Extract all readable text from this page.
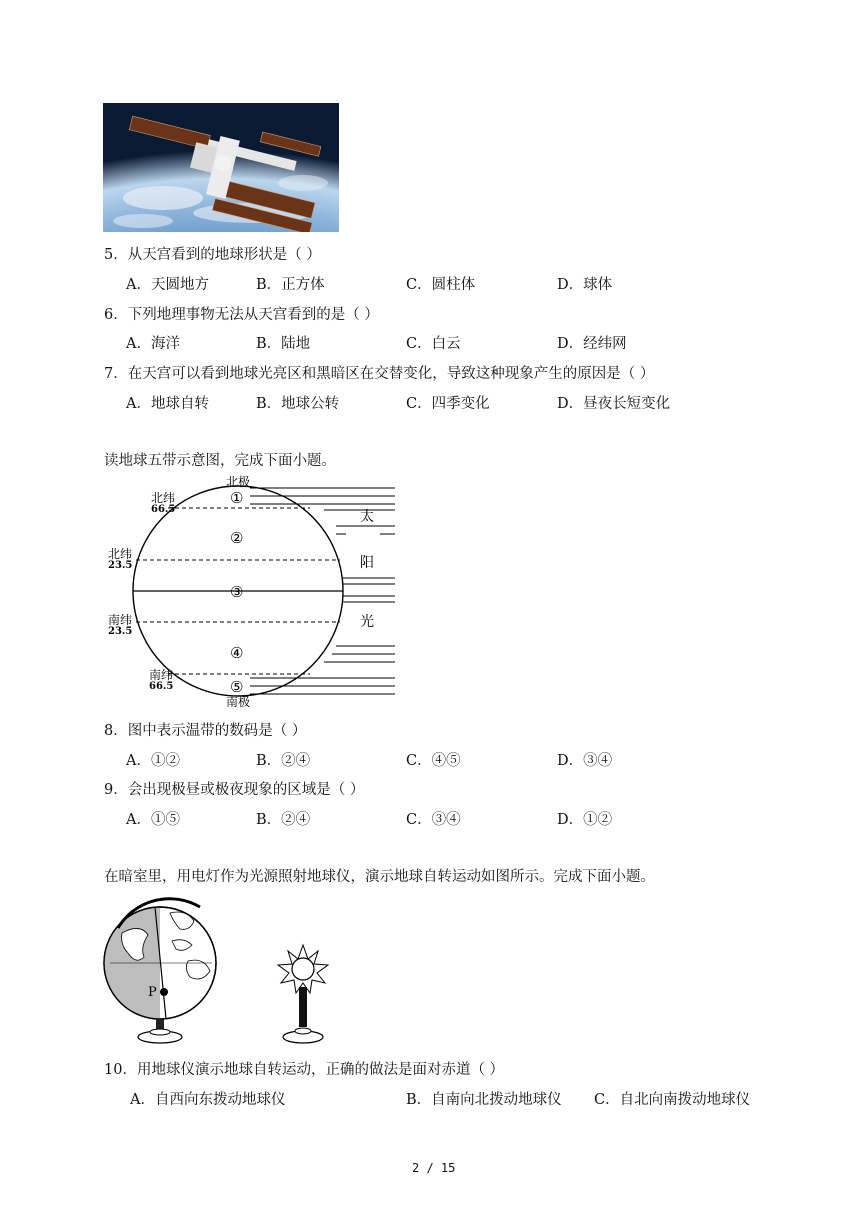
5．从天宫看到的地球形状是（ ）
A．天圆地方	B．正方体	C．圆柱体	D．球体
6．下列地理事物无法从天宫看到的是（ ）
A．海洋	B．陆地	C．白云	D．经纬网
7．在天宫可以看到地球光亮区和黑暗区在交替变化，导致这种现象产生的原因是（ ）
A．地球自转	B．地球公转	C．四季变化	D．昼夜长短变化
读地球五带示意图，完成下面小题。
北极
南极
北纬
66.5
北纬
23.5
南纬
23.5
南纬
66.5
①
②
③
④
⑤
太
阳
光
8．图中表示温带的数码是（ ）
A．①②	B．②④	C．④⑤	D．③④
9．会出现极昼或极夜现象的区域是（ ）
A．①⑤	B．②④	C．③④	D．①②
在暗室里，用电灯作为光源照射地球仪，演示地球自转运动如图所示。完成下面小题。
P
10．用地球仪演示地球自转运动，正确的做法是面对赤道（ ）
A．自西向东拨动地球仪	B．自南向北拨动地球仪 C．自北向南拨动地球仪
2 / 15
